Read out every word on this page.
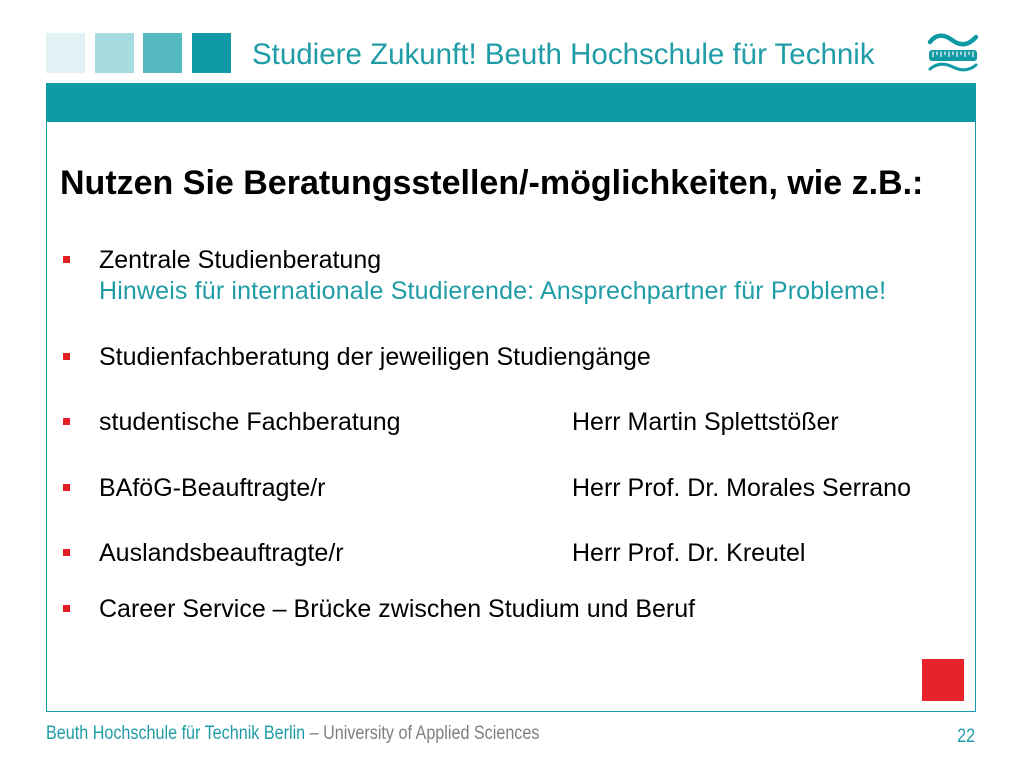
Studiere Zukunft! Beuth Hochschule für Technik
Nutzen Sie Beratungsstellen/-möglichkeiten, wie z.B.:
Zentrale Studienberatung
Hinweis für internationale Studierende: Ansprechpartner für Probleme!
Studienfachberatung der jeweiligen Studiengänge
studentische Fachberatung	Herr Martin Splettstößer
BAföG-Beauftragte/r	Herr Prof. Dr. Morales Serrano
Auslandsbeauftragte/r	Herr Prof. Dr. Kreutel
Career Service – Brücke zwischen Studium und Beruf
Beuth Hochschule für Technik Berlin – University of Applied Sciences	22
